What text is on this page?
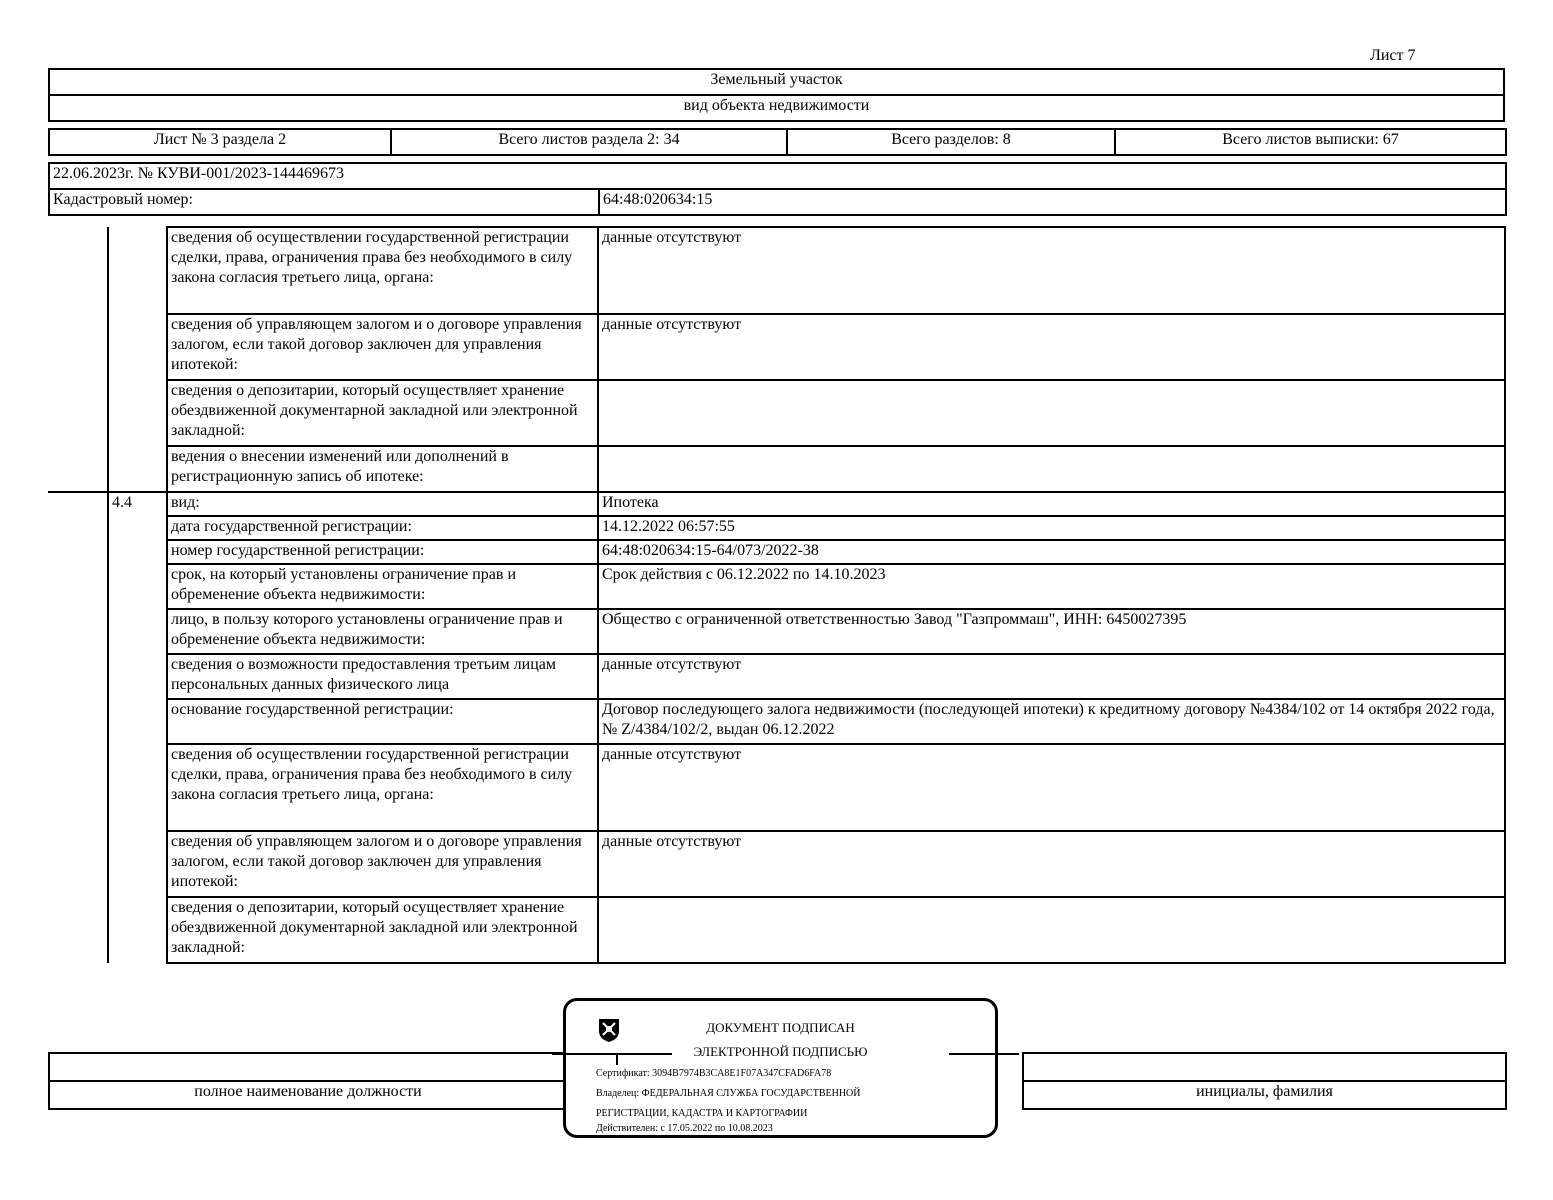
Лист 7
Земельный участок
вид объекта недвижимости
Лист № 3 раздела 2	Всего листов раздела 2: 34	Всего разделов: 8	Всего листов выписки: 67
22.06.2023г. № КУВИ-001/2023-144469673
Кадастровый номер:	64:48:020634:15
		сведения об осуществлении государственной регистрации сделки, права, ограничения права без необходимого в силу закона согласия третьего лица, органа:	данные отсутствуют
		сведения об управляющем залогом и о договоре управления залогом, если такой договор заключен для управления ипотекой:	данные отсутствуют
		сведения о депозитарии, который осуществляет хранение обездвиженной документарной закладной или электронной закладной:	
		ведения о внесении изменений или дополнений в регистрационную запись об ипотеке:	
	4.4	вид:	Ипотека
		дата государственной регистрации:	14.12.2022 06:57:55
		номер государственной регистрации:	64:48:020634:15-64/073/2022-38
		срок, на который установлены ограничение прав и обременение объекта недвижимости:	Срок действия с 06.12.2022 по 14.10.2023
		лицо, в пользу которого установлены ограничение прав и обременение объекта недвижимости:	Общество с ограниченной ответственностью Завод "Газпроммаш", ИНН: 6450027395
		сведения о возможности предоставления третьим лицам персональных данных физического лица	данные отсутствуют
		основание государственной регистрации:	Договор последующего залога недвижимости (последующей ипотеки) к кредитному договору №4384/102 от 14 октября 2022 года, № Z/4384/102/2, выдан 06.12.2022
		сведения об осуществлении государственной регистрации сделки, права, ограничения права без необходимого в силу закона согласия третьего лица, органа:	данные отсутствуют
		сведения об управляющем залогом и о договоре управления залогом, если такой договор заключен для управления ипотекой:	данные отсутствуют
		сведения о депозитарии, который осуществляет хранение обездвиженной документарной закладной или электронной закладной:	

полное наименование должности		инициалы, фамилия
ДОКУМЕНТ ПОДПИСАН
ЭЛЕКТРОННОЙ ПОДПИСЬЮ
Сертификат: 3094B7974B3CA8E1F07A347CFAD6FA78
Владелец: ФЕДЕРАЛЬНАЯ СЛУЖБА ГОСУДАРСТВЕННОЙ
РЕГИСТРАЦИИ, КАДАСТРА И КАРТОГРАФИИ
Действителен: с 17.05.2022 по 10.08.2023
